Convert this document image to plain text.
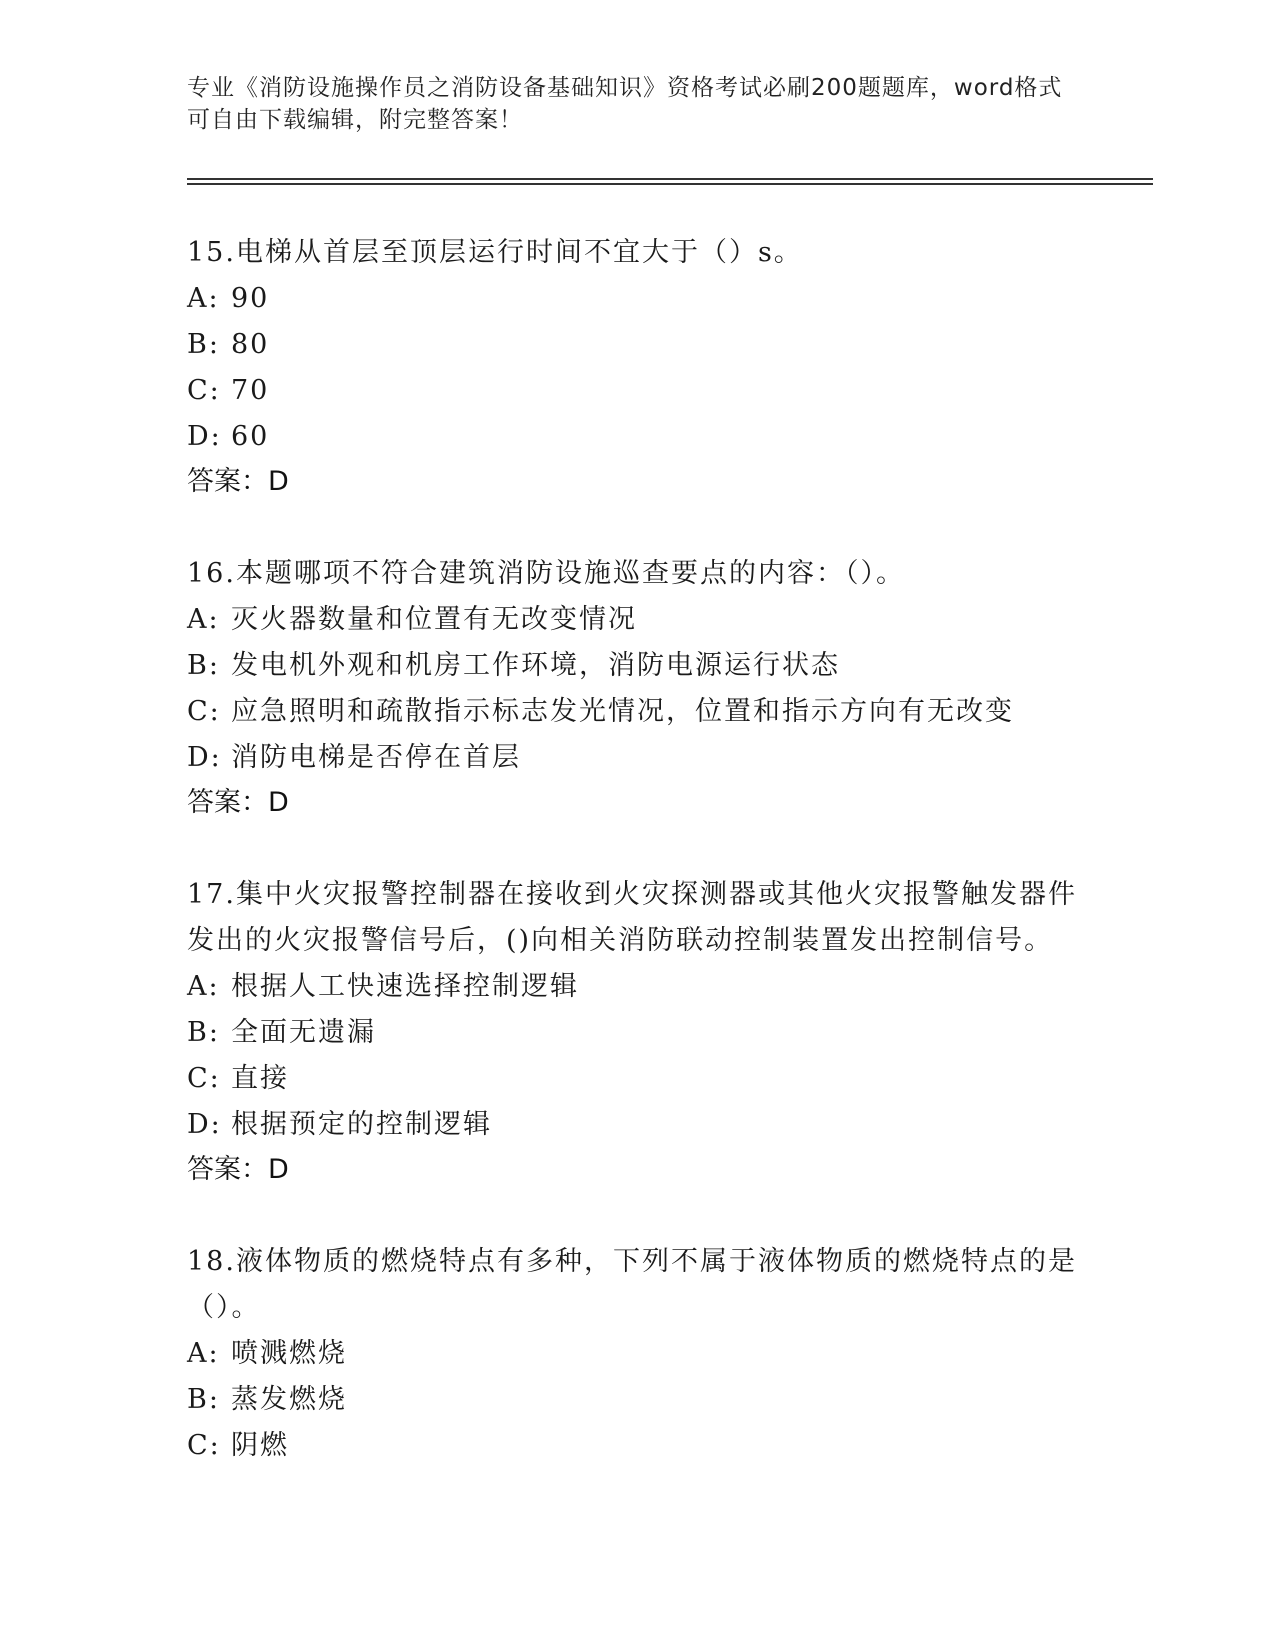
专业《消防设施操作员之消防设备基础知识》资格考试必刷200题题库，word格式可自由下载编辑，附完整答案！

15.电梯从首层至顶层运行时间不宜大于（）s。

A: 90

B: 80

C: 70

D: 60

答案：D

16.本题哪项不符合建筑消防设施巡查要点的内容：（）。

A: 灭火器数量和位置有无改变情况

B: 发电机外观和机房工作环境，消防电源运行状态

C: 应急照明和疏散指示标志发光情况，位置和指示方向有无改变

D: 消防电梯是否停在首层

答案：D

17.集中火灾报警控制器在接收到火灾探测器或其他火灾报警触发器件发出的火灾报警信号后，()向相关消防联动控制装置发出控制信号。

A: 根据人工快速选择控制逻辑

B: 全面无遗漏

C: 直接

D: 根据预定的控制逻辑

答案：D

18.液体物质的燃烧特点有多种，下列不属于液体物质的燃烧特点的是（）。

A: 喷溅燃烧

B: 蒸发燃烧

C: 阴燃
